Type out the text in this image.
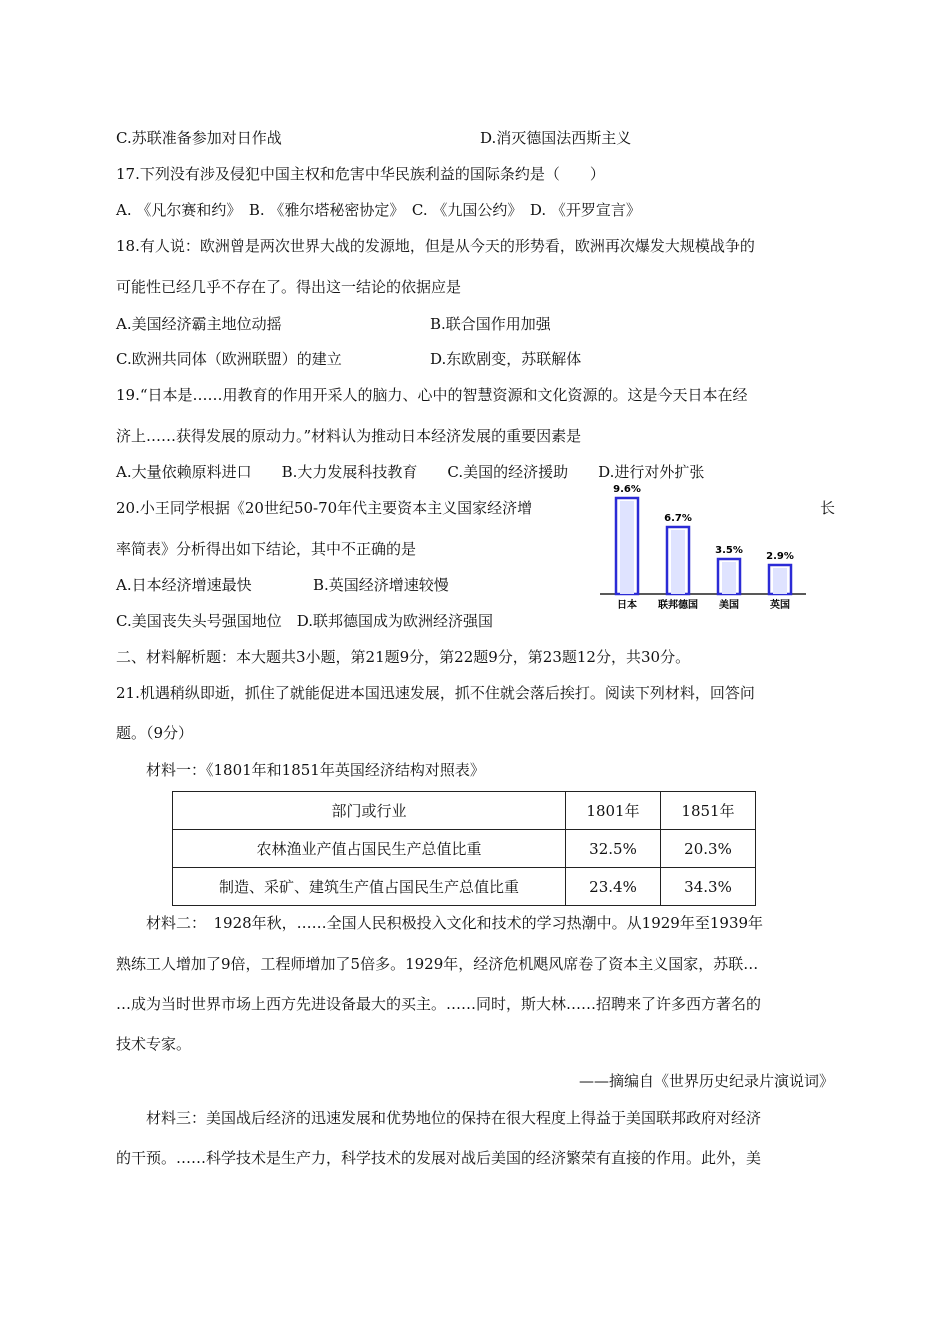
C.苏联准备参加对日作战	D.消灭德国法西斯主义
17.下列没有涉及侵犯中国主权和危害中华民族利益的国际条约是（　　）
A. 《凡尔赛和约》　B. 《雅尔塔秘密协定》　C. 《九国公约》　D. 《开罗宣言》
18.有人说：欧洲曾是两次世界大战的发源地，但是从今天的形势看，欧洲再次爆发大规模战争的
可能性已经几乎不存在了。得出这一结论的依据应是
A.美国经济霸主地位动摇	B.联合国作用加强
C.欧洲共同体（欧洲联盟）的建立	D.东欧剧变，苏联解体
19.“日本是……用教育的作用开采人的脑力、心中的智慧资源和文化资源的。这是今天日本在经
济上……获得发展的原动力。”材料认为推动日本经济发展的重要因素是
A.大量依赖原料进口　　B.大力发展科技教育　　C.美国的经济援助　　D.进行对外扩张
20.小王同学根据《20世纪50-70年代主要资本主义国家经济增	长
率简表》分析得出如下结论，其中不正确的是
A.日本经济增速最快	B.英国经济增速较慢
C.美国丧失头号强国地位　D.联邦德国成为欧洲经济强国
9.6%
日本
6.7%
联邦德国
3.5%
美国
2.9%
英国
二、材料解析题：本大题共3小题，第21题9分，第22题9分，第23题12分，共30分。
21.机遇稍纵即逝，抓住了就能促进本国迅速发展，抓不住就会落后挨打。阅读下列材料，回答问
题。（9分）
材料一：《1801年和1851年英国经济结构对照表》
部门或行业	1801年	1851年
农林渔业产值占国民生产总值比重	32.5%	20.3%
制造、采矿、建筑生产值占国民生产总值比重	23.4%	34.3%
材料二：　1928年秋，……全国人民积极投入文化和技术的学习热潮中。从1929年至1939年
熟练工人增加了9倍，工程师增加了5倍多。1929年，经济危机飓风席卷了资本主义国家，苏联…
…成为当时世界市场上西方先进设备最大的买主。……同时，斯大林……招聘来了许多西方著名的
技术专家。
——摘编自《世界历史纪录片演说词》
材料三：美国战后经济的迅速发展和优势地位的保持在很大程度上得益于美国联邦政府对经济
的干预。……科学技术是生产力，科学技术的发展对战后美国的经济繁荣有直接的作用。此外，美
